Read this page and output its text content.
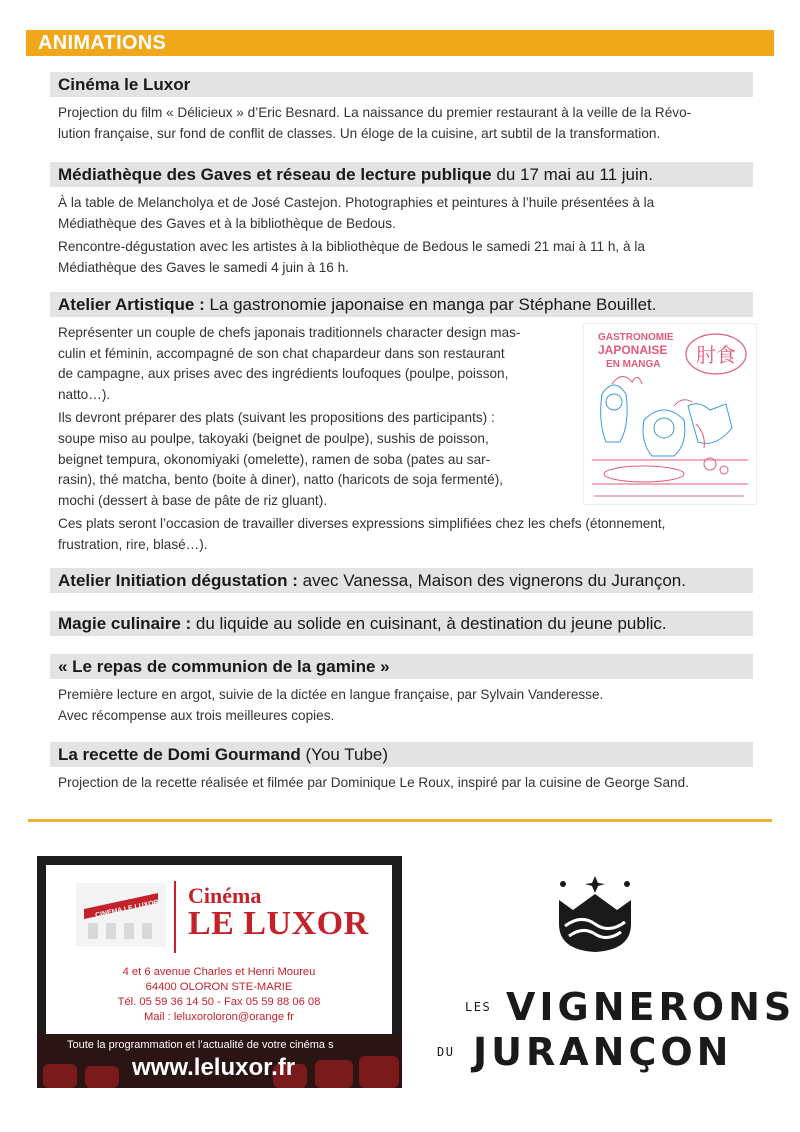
ANIMATIONS
Cinéma le Luxor

Projection du film « Délicieux » d’Eric Besnard. La naissance du premier restaurant à la veille de la Révo-

lution française, sur fond de conflit de classes. Un éloge de la cuisine, art subtil de la transformation.

Médiathèque des Gaves et réseau de lecture publique du 17 mai au 11 juin.

À la table de Melancholya et de José Castejon. Photographies et peintures à l’huile présentées à la

Médiathèque des Gaves et à la bibliothèque de Bedous.

Rencontre-dégustation avec les artistes à la bibliothèque de Bedous le samedi 21 mai à 11 h, à la

Médiathèque des Gaves le samedi 4 juin à 16 h.

Atelier Artistique : La gastronomie japonaise en manga par Stéphane Bouillet.

Représenter un couple de chefs japonais traditionnels character design mas-

culin et féminin, accompagné de son chat chapardeur dans son restaurant

de campagne, aux prises avec des ingrédients loufoques (poulpe, poisson,

natto…).

Ils devront préparer des plats (suivant les propositions des participants) :

soupe miso au poulpe, takoyaki (beignet de poulpe), sushis de poisson,

beignet tempura, okonomiyaki (omelette), ramen de soba (pates au sar-

rasin), thé matcha, bento (boite à diner), natto (haricots de soja fermenté),

mochi (dessert à base de pâte de riz gluant).

Ces plats seront l’occasion de travailler diverses expressions simplifiées chez les chefs (étonnement,

frustration, rire, blasé…).

GASTRONOMIE
JAPONAISE
EN MANGA 肘食
Atelier Initiation dégustation : avec Vanessa, Maison des vignerons du Jurançon.
Magie culinaire : du liquide au solide en cuisinant, à destination du jeune public.
« Le repas de communion de la gamine »

Première lecture en argot, suivie de la dictée en langue française, par Sylvain Vanderesse.

Avec récompense aux trois meilleures copies.

La recette de Domi Gourmand (You Tube)

Projection de la recette réalisée et filmée par Dominique Le Roux, inspiré par la cuisine de George Sand.

CINEMA LE LUXOR
Cinéma
LE LUXOR
4 et 6 avenue Charles et Henri Moureu
64400 OLORON STE-MARIE
Tél. 05 59 36 14 50 - Fax 05 59 88 06 08
Mail : leluxoroloron@orange fr
Toute la programmation et l’actualité de votre cinéma s
www.leluxor.fr
LES VIGNERONS
DU JURANÇON
